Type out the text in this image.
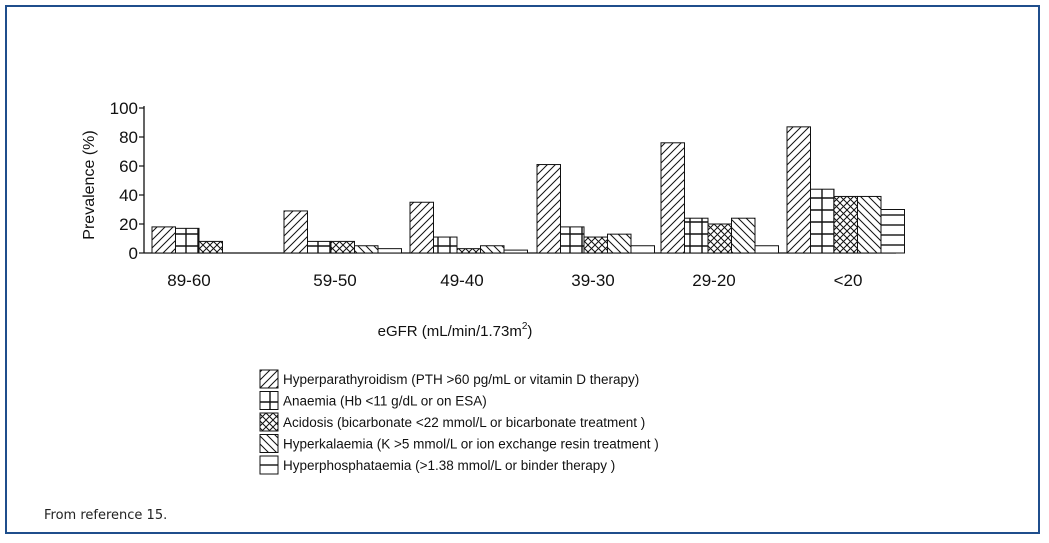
Prevalence (%)
0
20
40
60
80
100
89-60	59-50	49-40	39-30	29-20	<20
eGFR $(mL/\min/1.73m^2)$
Hyperparathyroidism (PTH >60 pg/mL or vitamin D therapy)
Anaemia (Hb <11 g/dL or on ESA)
Acidosis (bicarbonate <22 mmol/L or bicarbonate treatment )
Hyperkalaemia (K >5 mmol/L or ion exchange resin treatment )
Hyperphosphataemia (>1.38 mmol/L or binder therapy )
From reference 15.
